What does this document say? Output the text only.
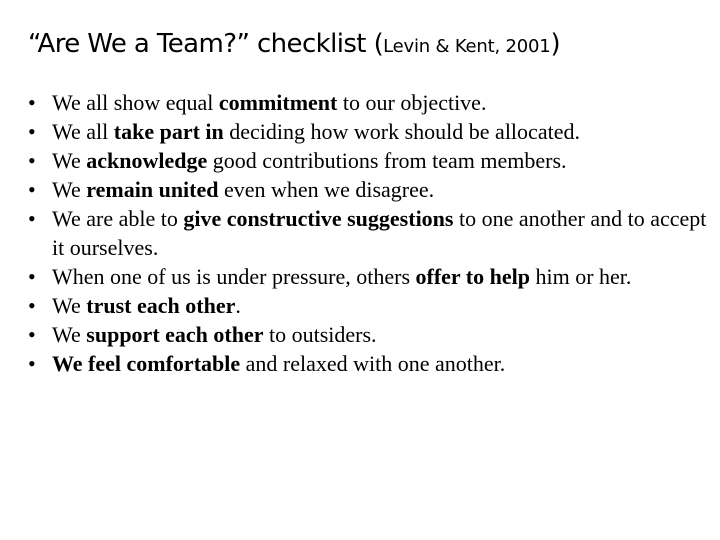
“Are We a Team?” checklist (Levin & Kent, 2001)
• We all show equal commitment to our objective.
• We all take part in deciding how work should be allocated.
• We acknowledge good contributions from team members.
• We remain united even when we disagree.
• We are able to give constructive suggestions to one another and to accept it ourselves.
• When one of us is under pressure, others offer to help him or her.
• We trust each other.
• We support each other to outsiders.
• We feel comfortable and relaxed with one another.
